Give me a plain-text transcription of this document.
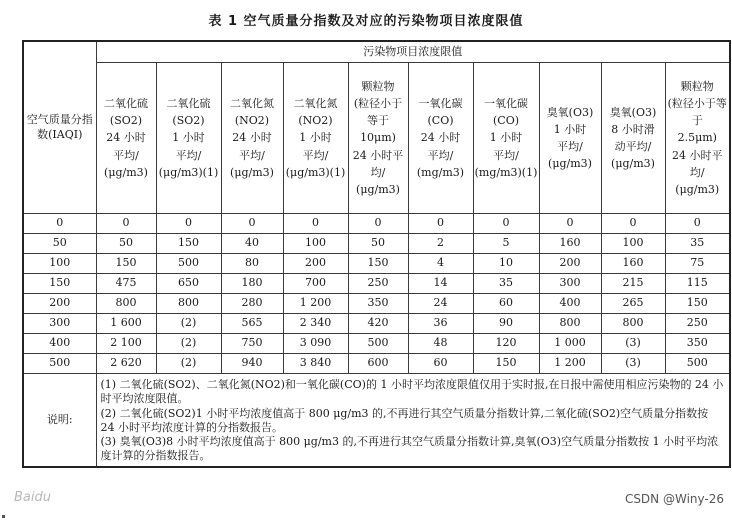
表 1 空气质量分指数及对应的污染物项目浓度限值
空气质量分指数(IAQI)	污染物项目浓度限值									

	二氧化硫
(SO2)
24 小时
平均/
(μg/m3)	二氧化硫
(SO2)
1 小时
平均/
(μg/m3)(1)	二氧化氮
(NO2)
24 小时
平均/
(μg/m3)	二氧化氮
(NO2)
1 小时
平均/
(μg/m3)(1)	颗粒物
(粒径小于等于
10μm)
24 小时平均/
(μg/m3)	一氧化碳
(CO)
24 小时
平均/
(mg/m3)	一氧化碳
(CO)
1 小时
平均/
(mg/m3)(1)	臭氧(O3)
1 小时
平均/
(μg/m3)	臭氧(O3)
8 小时滑
动平均/
(μg/m3)	颗粒物
(粒径小于等于
2.5μm)
24 小时平均/
(μg/m3)

0	0	0	0	0	0	0	0	0	0	0
50	50	150	40	100	50	2	5	160	100	35
100	150	500	80	200	150	4	10	200	160	75
150	475	650	180	700	250	14	35	300	215	115
200	800	800	280	1 200	350	24	60	400	265	150
300	1 600	(2)	565	2 340	420	36	90	800	800	250
400	2 100	(2)	750	3 090	500	48	120	1 000	(3)	350
500	2 620	(2)	940	3 840	600	60	150	1 200	(3)	500
说明:	(1) 二氧化硫(SO2)、二氧化氮(NO2)和一氧化碳(CO)的 1 小时平均浓度限值仅用于实时报,在日报中需使用相应污染物的 24 小时平均浓度限值。
(2) 二氧化硫(SO2)1 小时平均浓度值高于 800 μg/m3 的,不再进行其空气质量分指数计算,二氧化硫(SO2)空气质量分指数按 24 小时平均浓度计算的分指数报告。
(3) 臭氧(O3)8 小时平均浓度值高于 800 μg/m3 的,不再进行其空气质量分指数计算,臭氧(O3)空气质量分指数按 1 小时平均浓度计算的分指数报告。									
Baidu	CSDN @Winy-26
